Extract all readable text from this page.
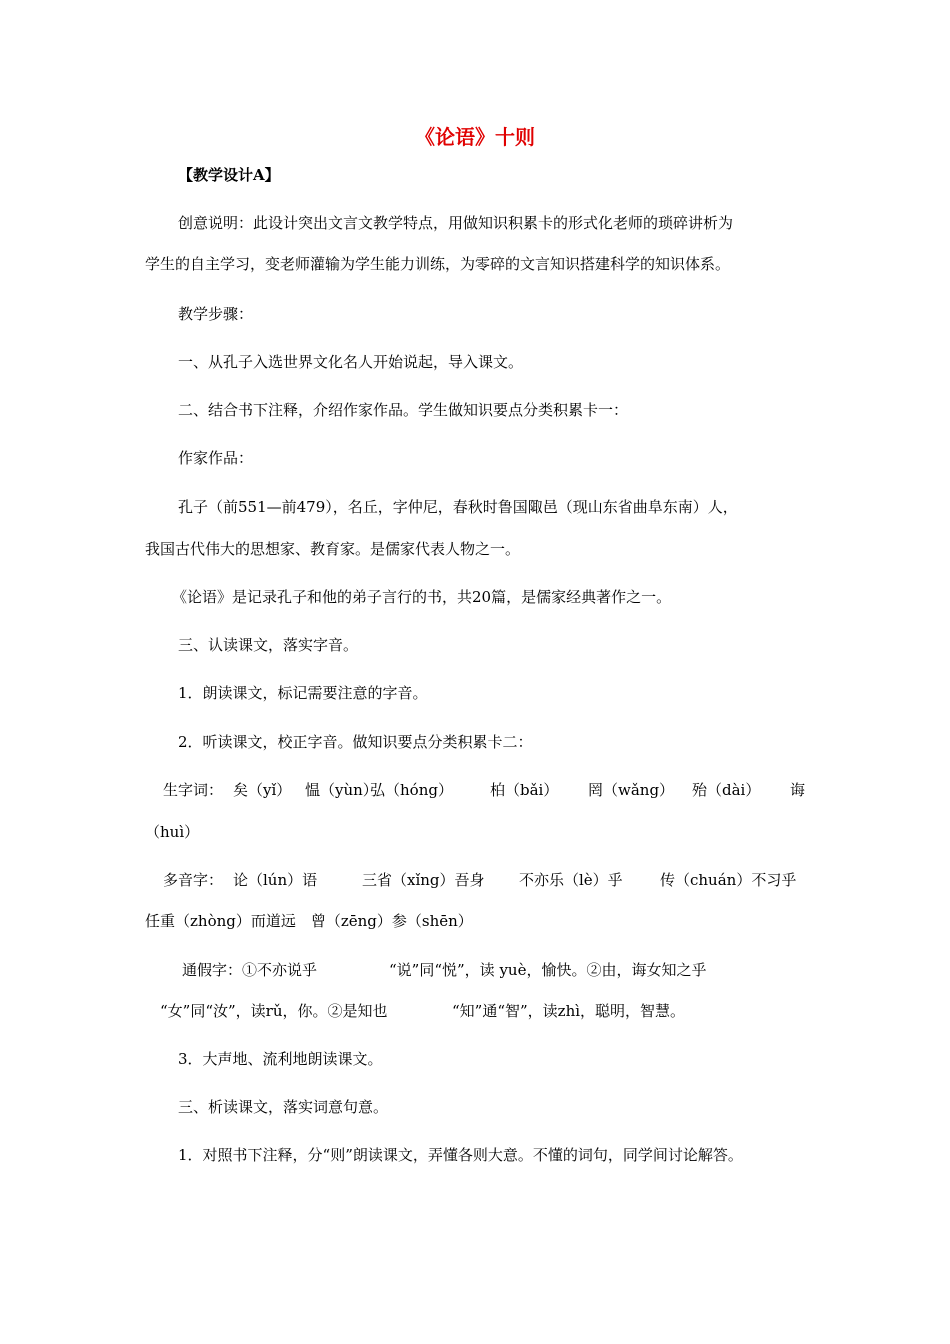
《论语》十则
【教学设计A】
创意说明：此设计突出文言文教学特点，用做知识积累卡的形式化老师的琐碎讲析为
学生的自主学习，变老师灌输为学生能力训练，为零碎的文言知识搭建科学的知识体系。
教学步骤：
一、从孔子入选世界文化名人开始说起，导入课文。
二、结合书下注释，介绍作家作品。学生做知识要点分类积累卡一：
作家作品：
孔子（前551—前479），名丘，字仲尼，春秋时鲁国陬邑（现山东省曲阜东南）人，
我国古代伟大的思想家、教育家。是儒家代表人物之一。
《论语》是记录孔子和他的弟子言行的书，共20篇，是儒家经典著作之一。
三、认读课文，落实字音。
1．朗读课文，标记需要注意的字音。
2．听读课文，校正字音。做知识要点分类积累卡二：
生字词： 矣（yǐ） 愠（yùn）
弘（hóng） 柏（bǎi） 罔（wǎng） 殆（dài） 诲
（huì）
多音字： 论（lún）语	三省（xǐng）吾身 不亦乐（lè）乎 传（chuán）不习乎
任重（zhòng）而道远　曾（zēng）参（shēn）
通假字：①不亦说乎	“说”同“悦”，读 yuè，愉快。②由，诲女知之乎
“女”同“汝”，读rǔ，你。②是知也	“知”通“智”，读zhì，聪明，智慧。
3．大声地、流利地朗读课文。
三、析读课文，落实词意句意。
1．对照书下注释，分“则”朗读课文，弄懂各则大意。不懂的词句，同学间讨论解答。
